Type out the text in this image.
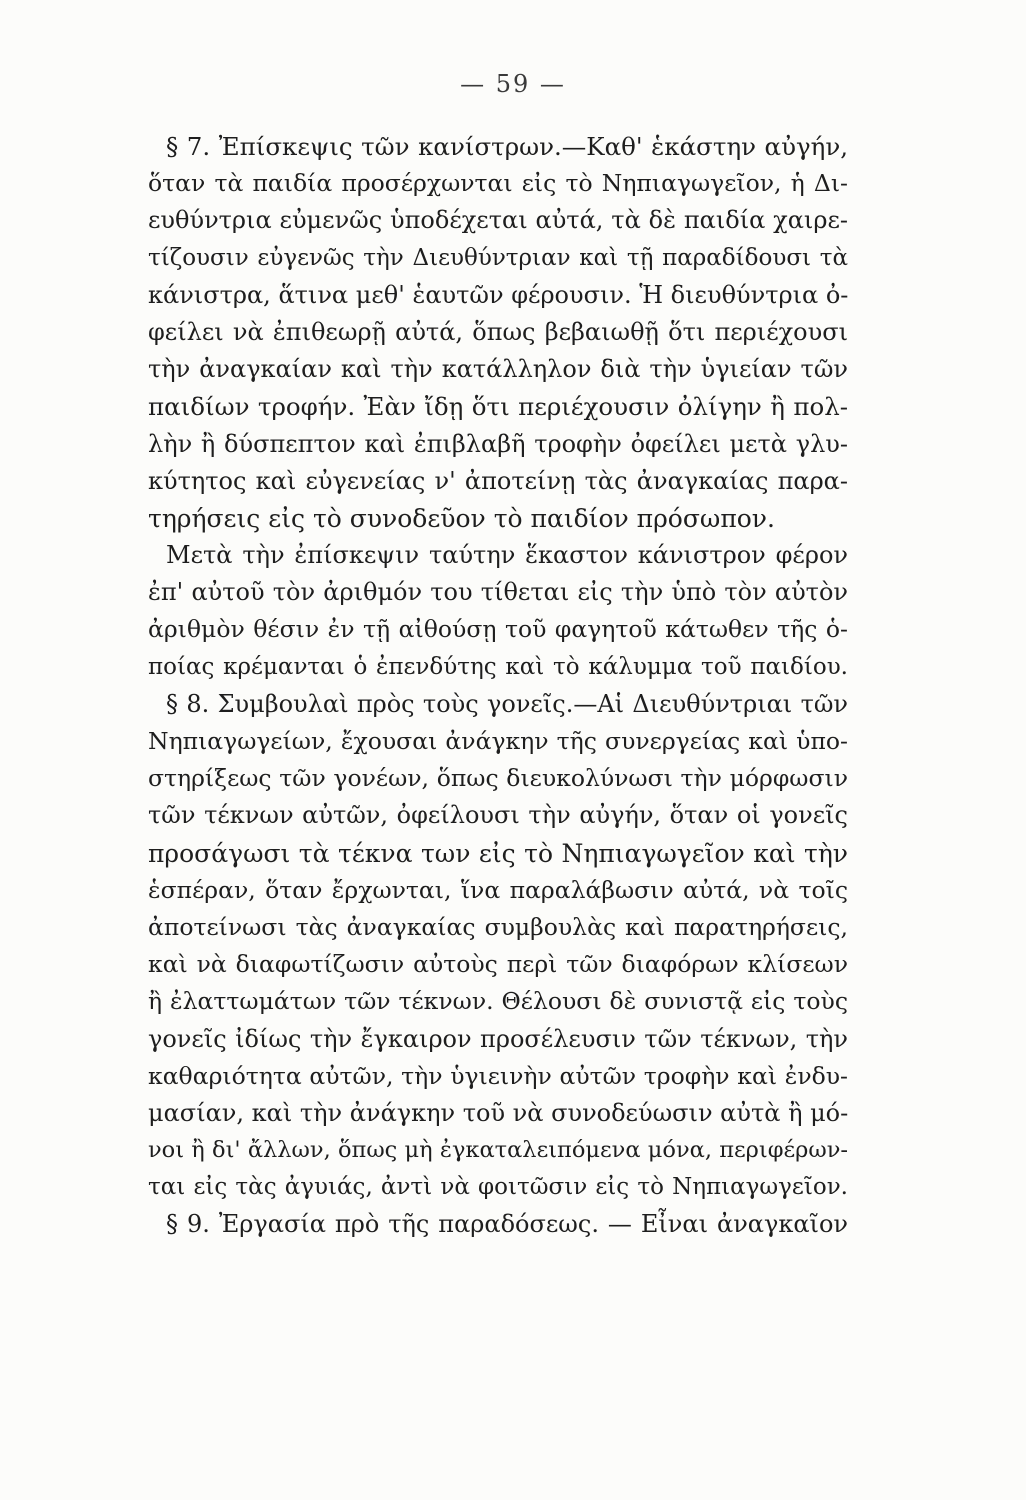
— 59 —
§ 7. Ἐπίσκεψις τῶν κανίστρων.—Καθ' ἑκάστην αὐγήν,
ὅταν τὰ παιδία προσέρχωνται εἰς τὸ Νηπιαγωγεῖον, ἡ Δι-
ευθύντρια εὐμενῶς ὑποδέχεται αὐτά, τὰ δὲ παιδία χαιρε-
τίζουσιν εὐγενῶς τὴν Διευθύντριαν καὶ τῇ παραδίδουσι τὰ
κάνιστρα, ἅτινα μεθ' ἑαυτῶν φέρουσιν. Ἡ διευθύντρια ὀ-
φείλει νὰ ἐπιθεωρῇ αὐτά, ὅπως βεβαιωθῇ ὅτι περιέχουσι
τὴν ἀναγκαίαν καὶ τὴν κατάλληλον διὰ τὴν ὑγιείαν τῶν
παιδίων τροφήν. Ἐὰν ἴδῃ ὅτι περιέχουσιν ὀλίγην ἢ πολ-
λὴν ἢ δύσπεπτον καὶ ἐπιβλαβῆ τροφὴν ὀφείλει μετὰ γλυ-
κύτητος καὶ εὐγενείας ν' ἀποτείνῃ τὰς ἀναγκαίας παρα-
τηρήσεις εἰς τὸ συνοδεῦον τὸ παιδίον πρόσωπον.
Μετὰ τὴν ἐπίσκεψιν ταύτην ἕκαστον κάνιστρον φέρον
ἐπ' αὐτοῦ τὸν ἀριθμόν του τίθεται εἰς τὴν ὑπὸ τὸν αὐτὸν
ἀριθμὸν θέσιν ἐν τῇ αἰθούσῃ τοῦ φαγητοῦ κάτωθεν τῆς ὁ-
ποίας κρέμανται ὁ ἐπενδύτης καὶ τὸ κάλυμμα τοῦ παιδίου.
§ 8. Συμβουλαὶ πρὸς τοὺς γονεῖς.—Αἱ Διευθύντριαι τῶν
Νηπιαγωγείων, ἔχουσαι ἀνάγκην τῆς συνεργείας καὶ ὑπο-
στηρίξεως τῶν γονέων, ὅπως διευκολύνωσι τὴν μόρφωσιν
τῶν τέκνων αὐτῶν, ὀφείλουσι τὴν αὐγήν, ὅταν οἱ γονεῖς
προσάγωσι τὰ τέκνα των εἰς τὸ Νηπιαγωγεῖον καὶ τὴν
ἑσπέραν, ὅταν ἔρχωνται, ἵνα παραλάβωσιν αὐτά, νὰ τοῖς
ἀποτείνωσι τὰς ἀναγκαίας συμβουλὰς καὶ παρατηρήσεις,
καὶ νὰ διαφωτίζωσιν αὐτοὺς περὶ τῶν διαφόρων κλίσεων
ἢ ἐλαττωμάτων τῶν τέκνων. Θέλουσι δὲ συνιστᾷ εἰς τοὺς
γονεῖς ἰδίως τὴν ἔγκαιρον προσέλευσιν τῶν τέκνων, τὴν
καθαριότητα αὐτῶν, τὴν ὑγιεινὴν αὐτῶν τροφὴν καὶ ἐνδυ-
μασίαν, καὶ τὴν ἀνάγκην τοῦ νὰ συνοδεύωσιν αὐτὰ ἢ μό-
νοι ἢ δι' ἄλλων, ὅπως μὴ ἐγκαταλειπόμενα μόνα, περιφέρων-
ται εἰς τὰς ἀγυιάς, ἀντὶ νὰ φοιτῶσιν εἰς τὸ Νηπιαγωγεῖον.
§ 9. Ἐργασία πρὸ τῆς παραδόσεως. — Εἶναι ἀναγκαῖον
